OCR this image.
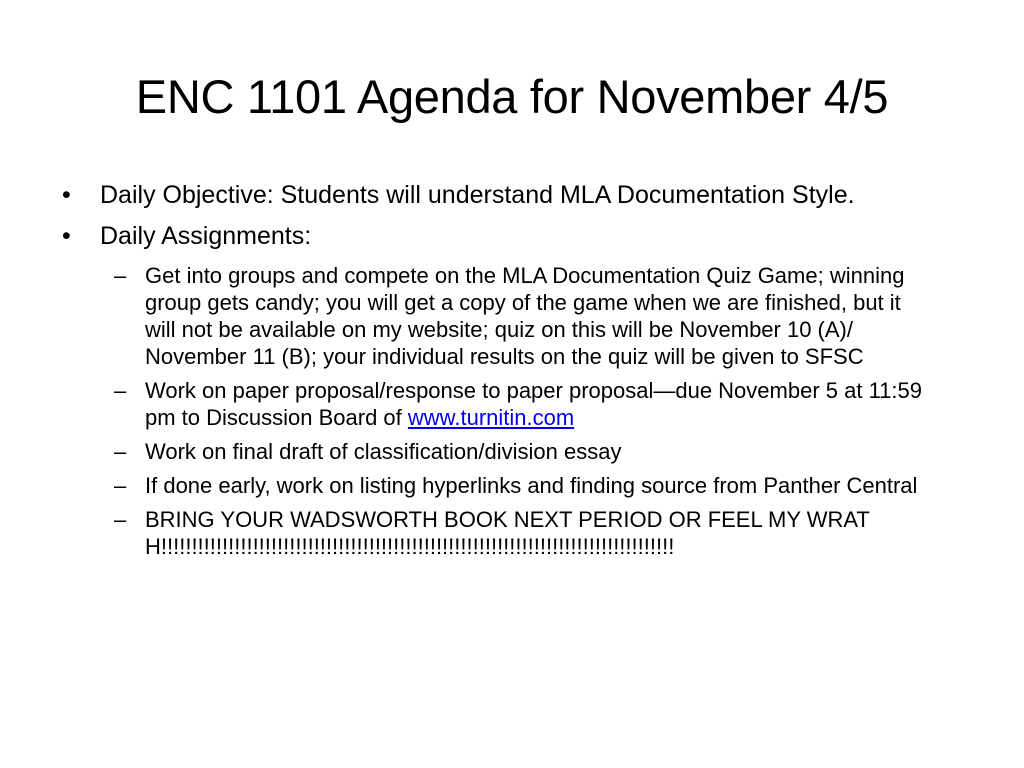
ENC 1101 Agenda for November 4/5
• Daily Objective: Students will understand MLA Documentation Style.
• Daily Assignments:
– Get into groups and compete on the MLA Documentation Quiz Game; winning group gets candy; you will get a copy of the game when we are finished, but it will not be available on my website; quiz on this will be November 10 (A)/ November 11 (B); your individual results on the quiz will be given to SFSC
– Work on paper proposal/response to paper proposal—due November 5 at 11:59 pm to Discussion Board of www.turnitin.com
– Work on final draft of classification/division essay
– If done early, work on listing hyperlinks and finding source from Panther Central
– BRING YOUR WADSWORTH BOOK NEXT PERIOD OR FEEL MY WRATH!!!!!!!!!!!!!!!!!!!!!!!!!!!!!!!!!!!!!!!!!!!!!!!!!!!!!!!!!!!!!!!!!!!!!!!!!!!!!!!!!!!!
